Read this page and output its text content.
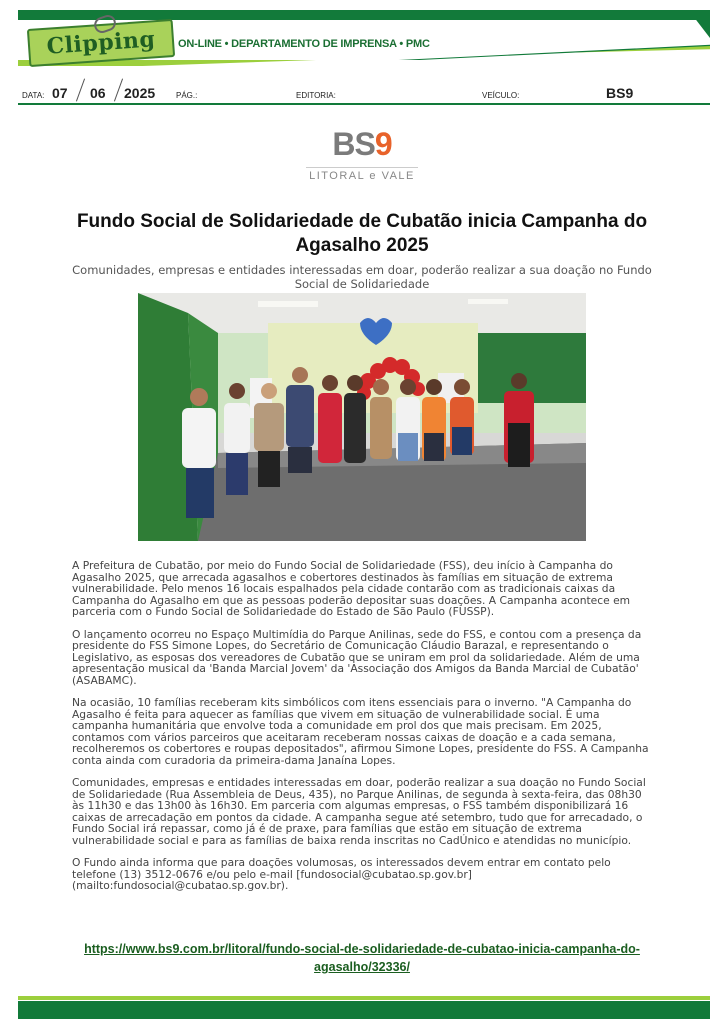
Clipping ON-LINE • DEPARTAMENTO DE IMPRENSA • PMC
DATA: 07 06 2025	PÁG.:	EDITORIA:	VEÍCULO:	BS9
BS9
LITORAL e VALE
Fundo Social de Solidariedade de Cubatão inicia Campanha do Agasalho 2025
Comunidades, empresas e entidades interessadas em doar, poderão realizar a sua doação no Fundo Social de Solidariedade

A Prefeitura de Cubatão, por meio do Fundo Social de Solidariedade (FSS), deu início à Campanha do Agasalho 2025, que arrecada agasalhos e cobertores destinados às famílias em situação de extrema vulnerabilidade. Pelo menos 16 locais espalhados pela cidade contarão com as tradicionais caixas da Campanha do Agasalho em que as pessoas poderão depositar suas doações. A Campanha acontece em parceria com o Fundo Social de Solidariedade do Estado de São Paulo (FUSSP).

O lançamento ocorreu no Espaço Multimídia do Parque Anilinas, sede do FSS, e contou com a presença da presidente do FSS Simone Lopes, do Secretário de Comunicação Cláudio Barazal, e representando o Legislativo, as esposas dos vereadores de Cubatão que se uniram em prol da solidariedade. Além de uma apresentação musical da 'Banda Marcial Jovem' da 'Associação dos Amigos da Banda Marcial de Cubatão' (ASABAMC).

Na ocasião, 10 famílias receberam kits simbólicos com itens essenciais para o inverno. "A Campanha do Agasalho é feita para aquecer as famílias que vivem em situação de vulnerabilidade social. É uma campanha humanitária que envolve toda a comunidade em prol dos que mais precisam. Em 2025, contamos com vários parceiros que aceitaram receberam nossas caixas de doação e a cada semana, recolheremos os cobertores e roupas depositados", afirmou Simone Lopes, presidente do FSS. A Campanha conta ainda com curadoria da primeira-dama Janaína Lopes.

Comunidades, empresas e entidades interessadas em doar, poderão realizar a sua doação no Fundo Social de Solidariedade (Rua Assembleia de Deus, 435), no Parque Anilinas, de segunda à sexta-feira, das 08h30 às 11h30 e das 13h00 às 16h30. Em parceria com algumas empresas, o FSS também disponibilizará 16 caixas de arrecadação em pontos da cidade. A campanha segue até setembro, tudo que for arrecadado, o Fundo Social irá repassar, como já é de praxe, para famílias que estão em situação de extrema vulnerabilidade social e para as famílias de baixa renda inscritas no CadÚnico e atendidas no município.

O Fundo ainda informa que para doações volumosas, os interessados devem entrar em contato pelo telefone (13) 3512-0676 e/ou pelo e-mail [fundosocial@cubatao.sp.gov.br](mailto:fundosocial@cubatao.sp.gov.br).

https://www.bs9.com.br/litoral/fundo-social-de-solidariedade-de-cubatao-inicia-campanha-do-agasalho/32336/
